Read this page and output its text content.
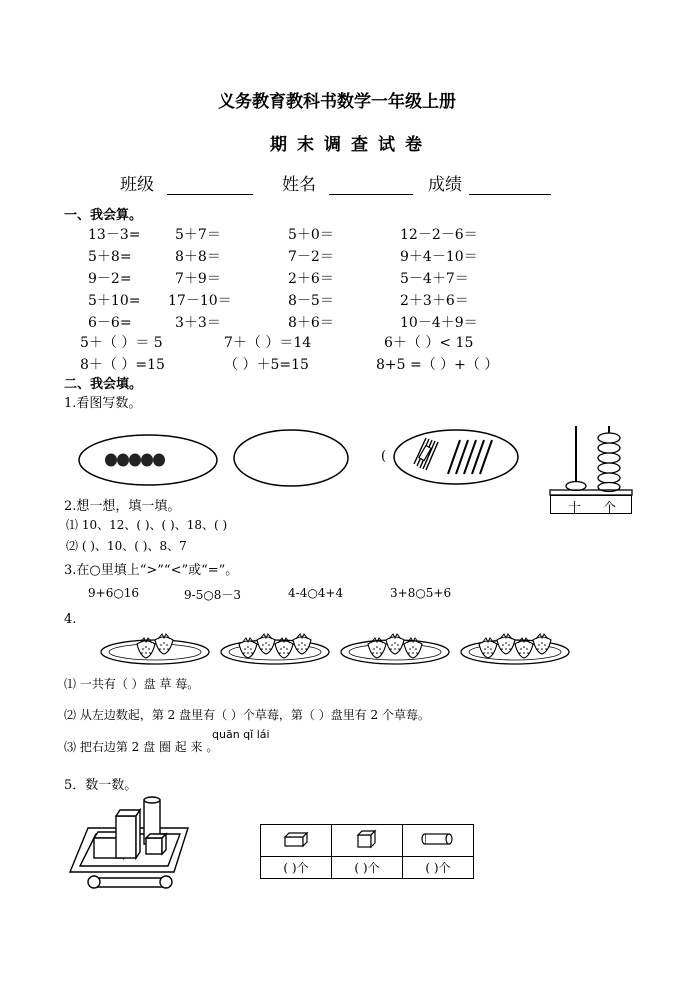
义务教育教科书数学一年级上册
期末调查试卷
班级	姓名	成绩
一、我会算。
13－3= 5＋7＝	5＋0＝	12－2－6＝
5＋8=	8＋8＝	7－2＝	9＋4－10＝
9－2=	7＋9＝	2＋6＝	5－4＋7＝
5＋10= 17－10＝	8－5＝	2＋3＋6＝
6－6=	3＋3＝	8＋6＝	10－4＋9＝
5＋（ ）＝ 5	7＋（ ）＝14	6＋（ ）< 15
8＋（ ）=15	（ ）＋5=15	8+5 =（ ）+（ ）
二、我会填。
1.看图写数。
(
十 个
2.想一想，填一填。
⑴ 10、12、( )、( )、18、( )
⑵ ( )、10、( )、8、7
3.在○里填上“>”“<”或“=”。
9+6○16	9-5○8－3	4-4○4+4	3+8○5+6
4.
⑴ 一共有（ ）盘 草 莓。
⑵ 从左边数起，第 2 盘里有（ ）个草莓，第（ ）盘里有 2 个草莓。
quān qǐ lái
⑶ 把右边第 2 盘 圈 起 来 。
5．数一数。

( )个	( )个	( )个
